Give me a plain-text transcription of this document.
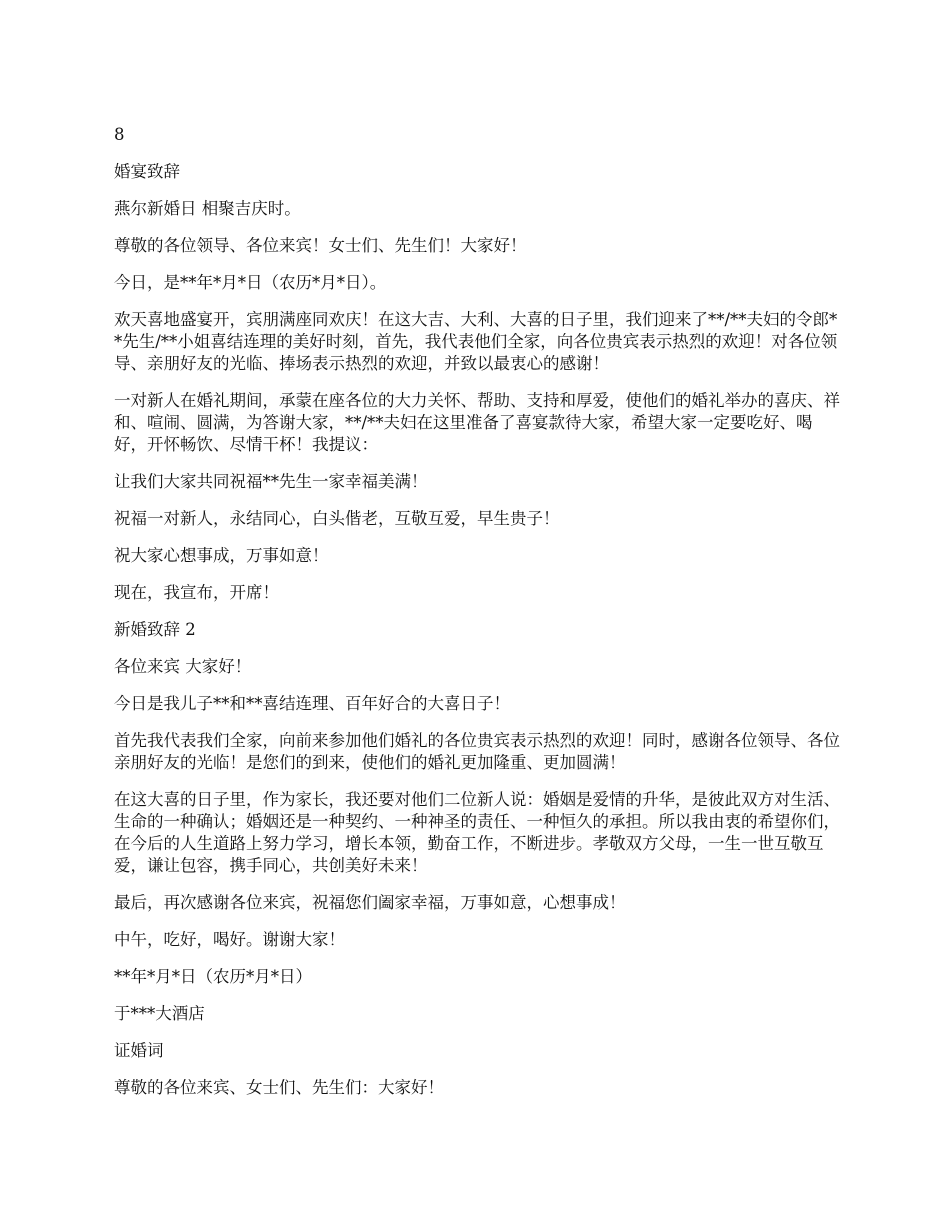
8

婚宴致辞

燕尔新婚日 相聚吉庆时。

尊敬的各位领导、各位来宾！女士们、先生们！大家好！

今日，是**年*月*日（农历*月*日）。

欢天喜地盛宴开，宾朋满座同欢庆！在这大吉、大利、大喜的日子里，我们迎来了**/**夫妇的令郎**先生/**小姐喜结连理的美好时刻，首先，我代表他们全家，向各位贵宾表示热烈的欢迎！对各位领导、亲朋好友的光临、捧场表示热烈的欢迎，并致以最衷心的感谢！

一对新人在婚礼期间，承蒙在座各位的大力关怀、帮助、支持和厚爱，使他们的婚礼举办的喜庆、祥和、喧闹、圆满，为答谢大家，**/**夫妇在这里准备了喜宴款待大家，希望大家一定要吃好、喝好，开怀畅饮、尽情干杯！我提议：

让我们大家共同祝福**先生一家幸福美满！

祝福一对新人，永结同心，白头偕老，互敬互爱，早生贵子！

祝大家心想事成，万事如意！

现在，我宣布，开席！

新婚致辞 2

各位来宾 大家好！

今日是我儿子**和**喜结连理、百年好合的大喜日子！

首先我代表我们全家，向前来参加他们婚礼的各位贵宾表示热烈的欢迎！同时，感谢各位领导、各位亲朋好友的光临！是您们的到来，使他们的婚礼更加隆重、更加圆满！

在这大喜的日子里，作为家长，我还要对他们二位新人说：婚姻是爱情的升华，是彼此双方对生活、生命的一种确认；婚姻还是一种契约、一种神圣的责任、一种恒久的承担。所以我由衷的希望你们，在今后的人生道路上努力学习，增长本领，勤奋工作，不断进步。孝敬双方父母，一生一世互敬互爱，谦让包容，携手同心，共创美好未来！

最后，再次感谢各位来宾，祝福您们阖家幸福，万事如意，心想事成！

中午，吃好，喝好。谢谢大家！

**年*月*日（农历*月*日）

于***大酒店

证婚词

尊敬的各位来宾、女士们、先生们：大家好！
